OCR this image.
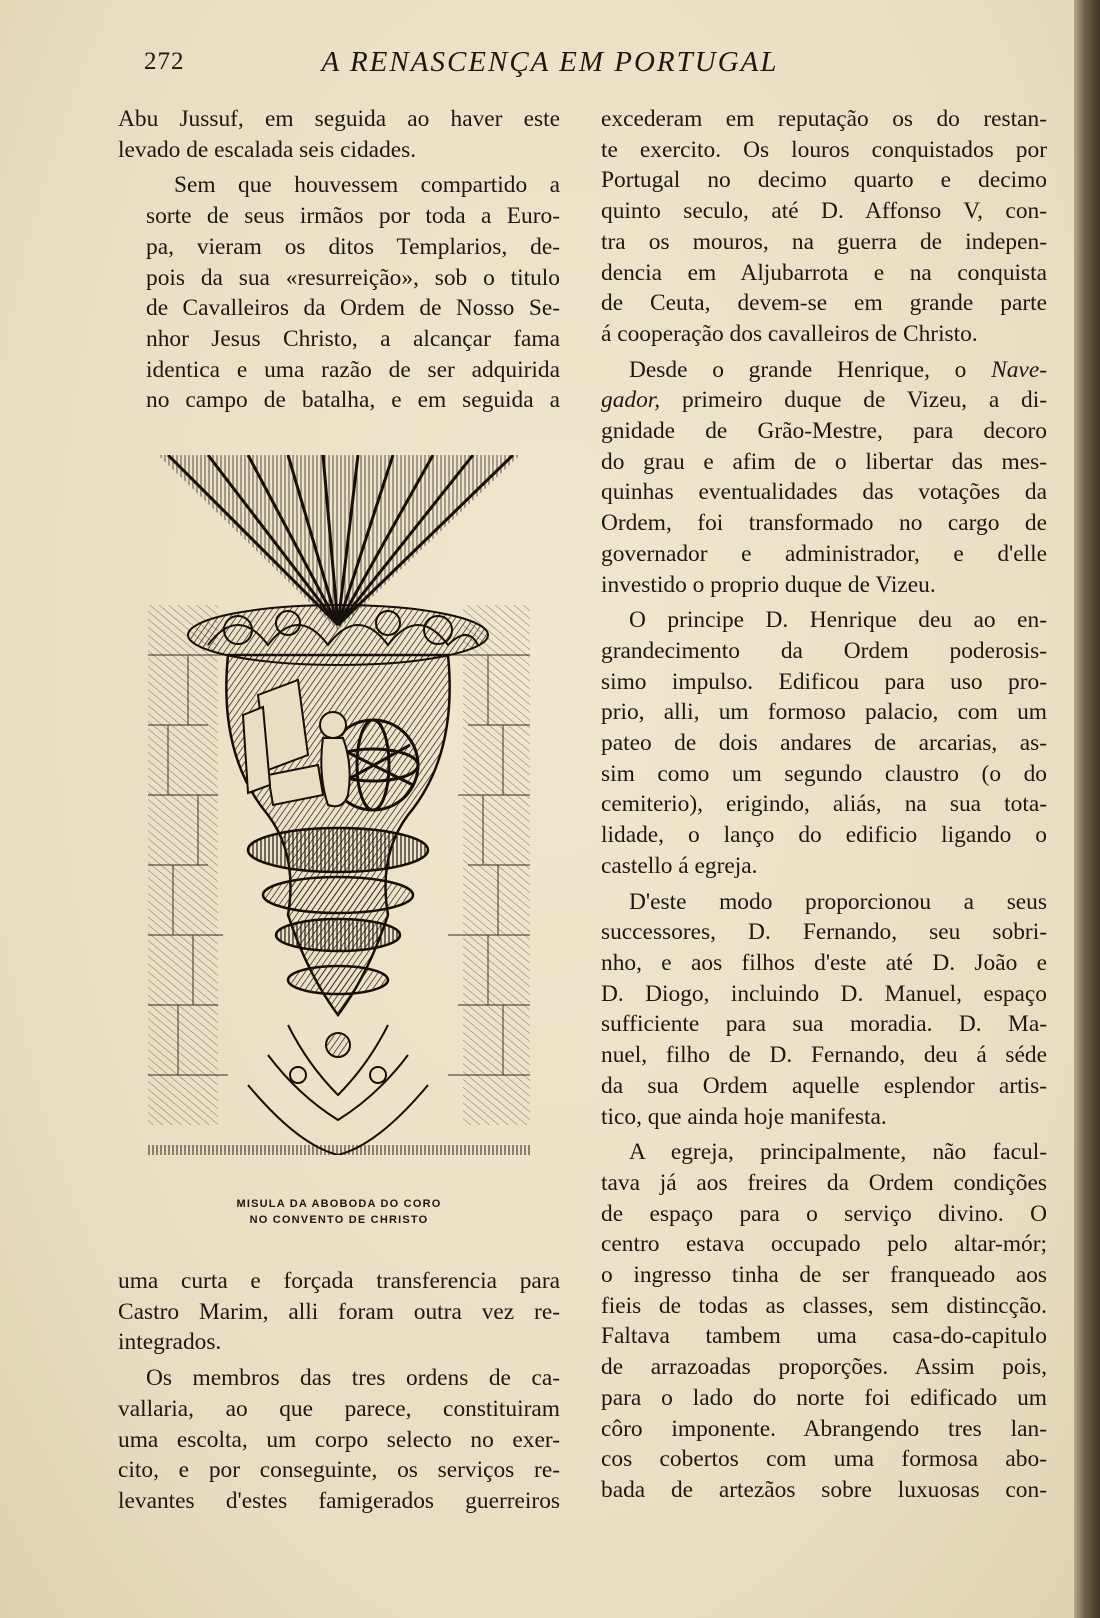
272	A RENASCENÇA EM PORTUGAL

Abu Jussuf, em seguida ao haver este
levado de escalada seis cidades.

Sem que houvessem compartido a
sorte de seus irmãos por toda a Euro-
pa, vieram os ditos Templarios, de-
pois da sua «resurreição», sob o titulo
de Cavalleiros da Ordem de Nosso Se-
nhor Jesus Christo, a alcançar fama
identica e uma razão de ser adquirida
no campo de batalha, e em seguida a

MISULA DA ABOBODA DO CORO
NO CONVENTO DE CHRISTO

uma curta e forçada transferencia para
Castro Marim, alli foram outra vez re-
integrados.

Os membros das tres ordens de ca-
vallaria, ao que parece, constituiram
uma escolta, um corpo selecto no exer-
cito, e por conseguinte, os serviços re-
levantes d'estes famigerados guerreiros

excederam em reputação os do restan-
te exercito. Os louros conquistados por
Portugal no decimo quarto e decimo
quinto seculo, até D. Affonso V, con-
tra os mouros, na guerra de indepen-
dencia em Aljubarrota e na conquista
de Ceuta, devem-se em grande parte
á cooperação dos cavalleiros de Christo.

Desde o grande Henrique, o Nave-
gador, primeiro duque de Vizeu, a di-
gnidade de Grão-Mestre, para decoro
do grau e afim de o libertar das mes-
quinhas eventualidades das votações da
Ordem, foi transformado no cargo de
governador e administrador, e d'elle
investido o proprio duque de Vizeu.

O principe D. Henrique deu ao en-
grandecimento da Ordem poderosis-
simo impulso. Edificou para uso pro-
prio, alli, um formoso palacio, com um
pateo de dois andares de arcarias, as-
sim como um segundo claustro (o do
cemiterio), erigindo, aliás, na sua tota-
lidade, o lanço do edificio ligando o
castello á egreja.

D'este modo proporcionou a seus
successores, D. Fernando, seu sobri-
nho, e aos filhos d'este até D. João e
D. Diogo, incluindo D. Manuel, espaço
sufficiente para sua moradia. D. Ma-
nuel, filho de D. Fernando, deu á séde
da sua Ordem aquelle esplendor artis-
tico, que ainda hoje manifesta.

A egreja, principalmente, não facul-
tava já aos freires da Ordem condições
de espaço para o serviço divino. O
centro estava occupado pelo altar-mór;
o ingresso tinha de ser franqueado aos
fieis de todas as classes, sem distincção.
Faltava tambem uma casa-do-capitulo
de arrazoadas proporções. Assim pois,
para o lado do norte foi edificado um
côro imponente. Abrangendo tres lan-
cos cobertos com uma formosa abo-
bada de artezãos sobre luxuosas con-
